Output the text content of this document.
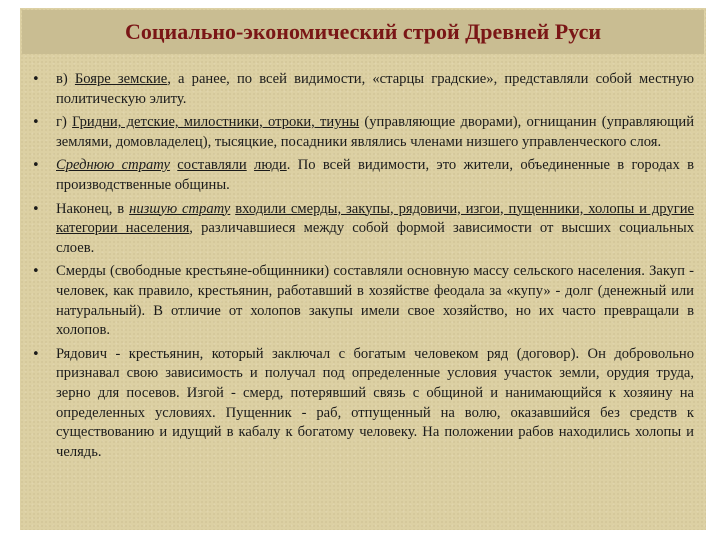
Социально-экономический строй Древней Руси
• в) Бояре земские, а ранее, по всей видимости, «старцы градские», представляли собой местную политическую элиту.
• г) Гридни, детские, милостники, отроки, тиуны (управляющие дворами), огнищанин (управляющий землями, домовладелец), тысяцкие, посадники являлись членами низшего управленческого слоя.
• Среднюю страту составляли люди. По всей видимости, это жители, объединенные в городах в производственные общины.
• Наконец, в низшую страту входили смерды, закупы, рядовичи, изгои, пущенники, холопы и другие категории населения, различавшиеся между собой формой зависимости от высших социальных слоев.
• Смерды (свободные крестьяне-общинники) составляли основную массу сельского населения. Закуп - человек, как правило, крестьянин, работавший в хозяйстве феодала за «купу» - долг (денежный или натуральный). В отличие от холопов закупы имели свое хозяйство, но их часто превращали в холопов.
• Рядович - крестьянин, который заключал с богатым человеком ряд (договор). Он добровольно признавал свою зависимость и получал под определенные условия участок земли, орудия труда, зерно для посевов. Изгой - смерд, потерявший связь с общиной и нанимающийся к хозяину на определенных условиях. Пущенник - раб, отпущенный на волю, оказавшийся без средств к существованию и идущий в кабалу к богатому человеку. На положении рабов находились холопы и челядь.
